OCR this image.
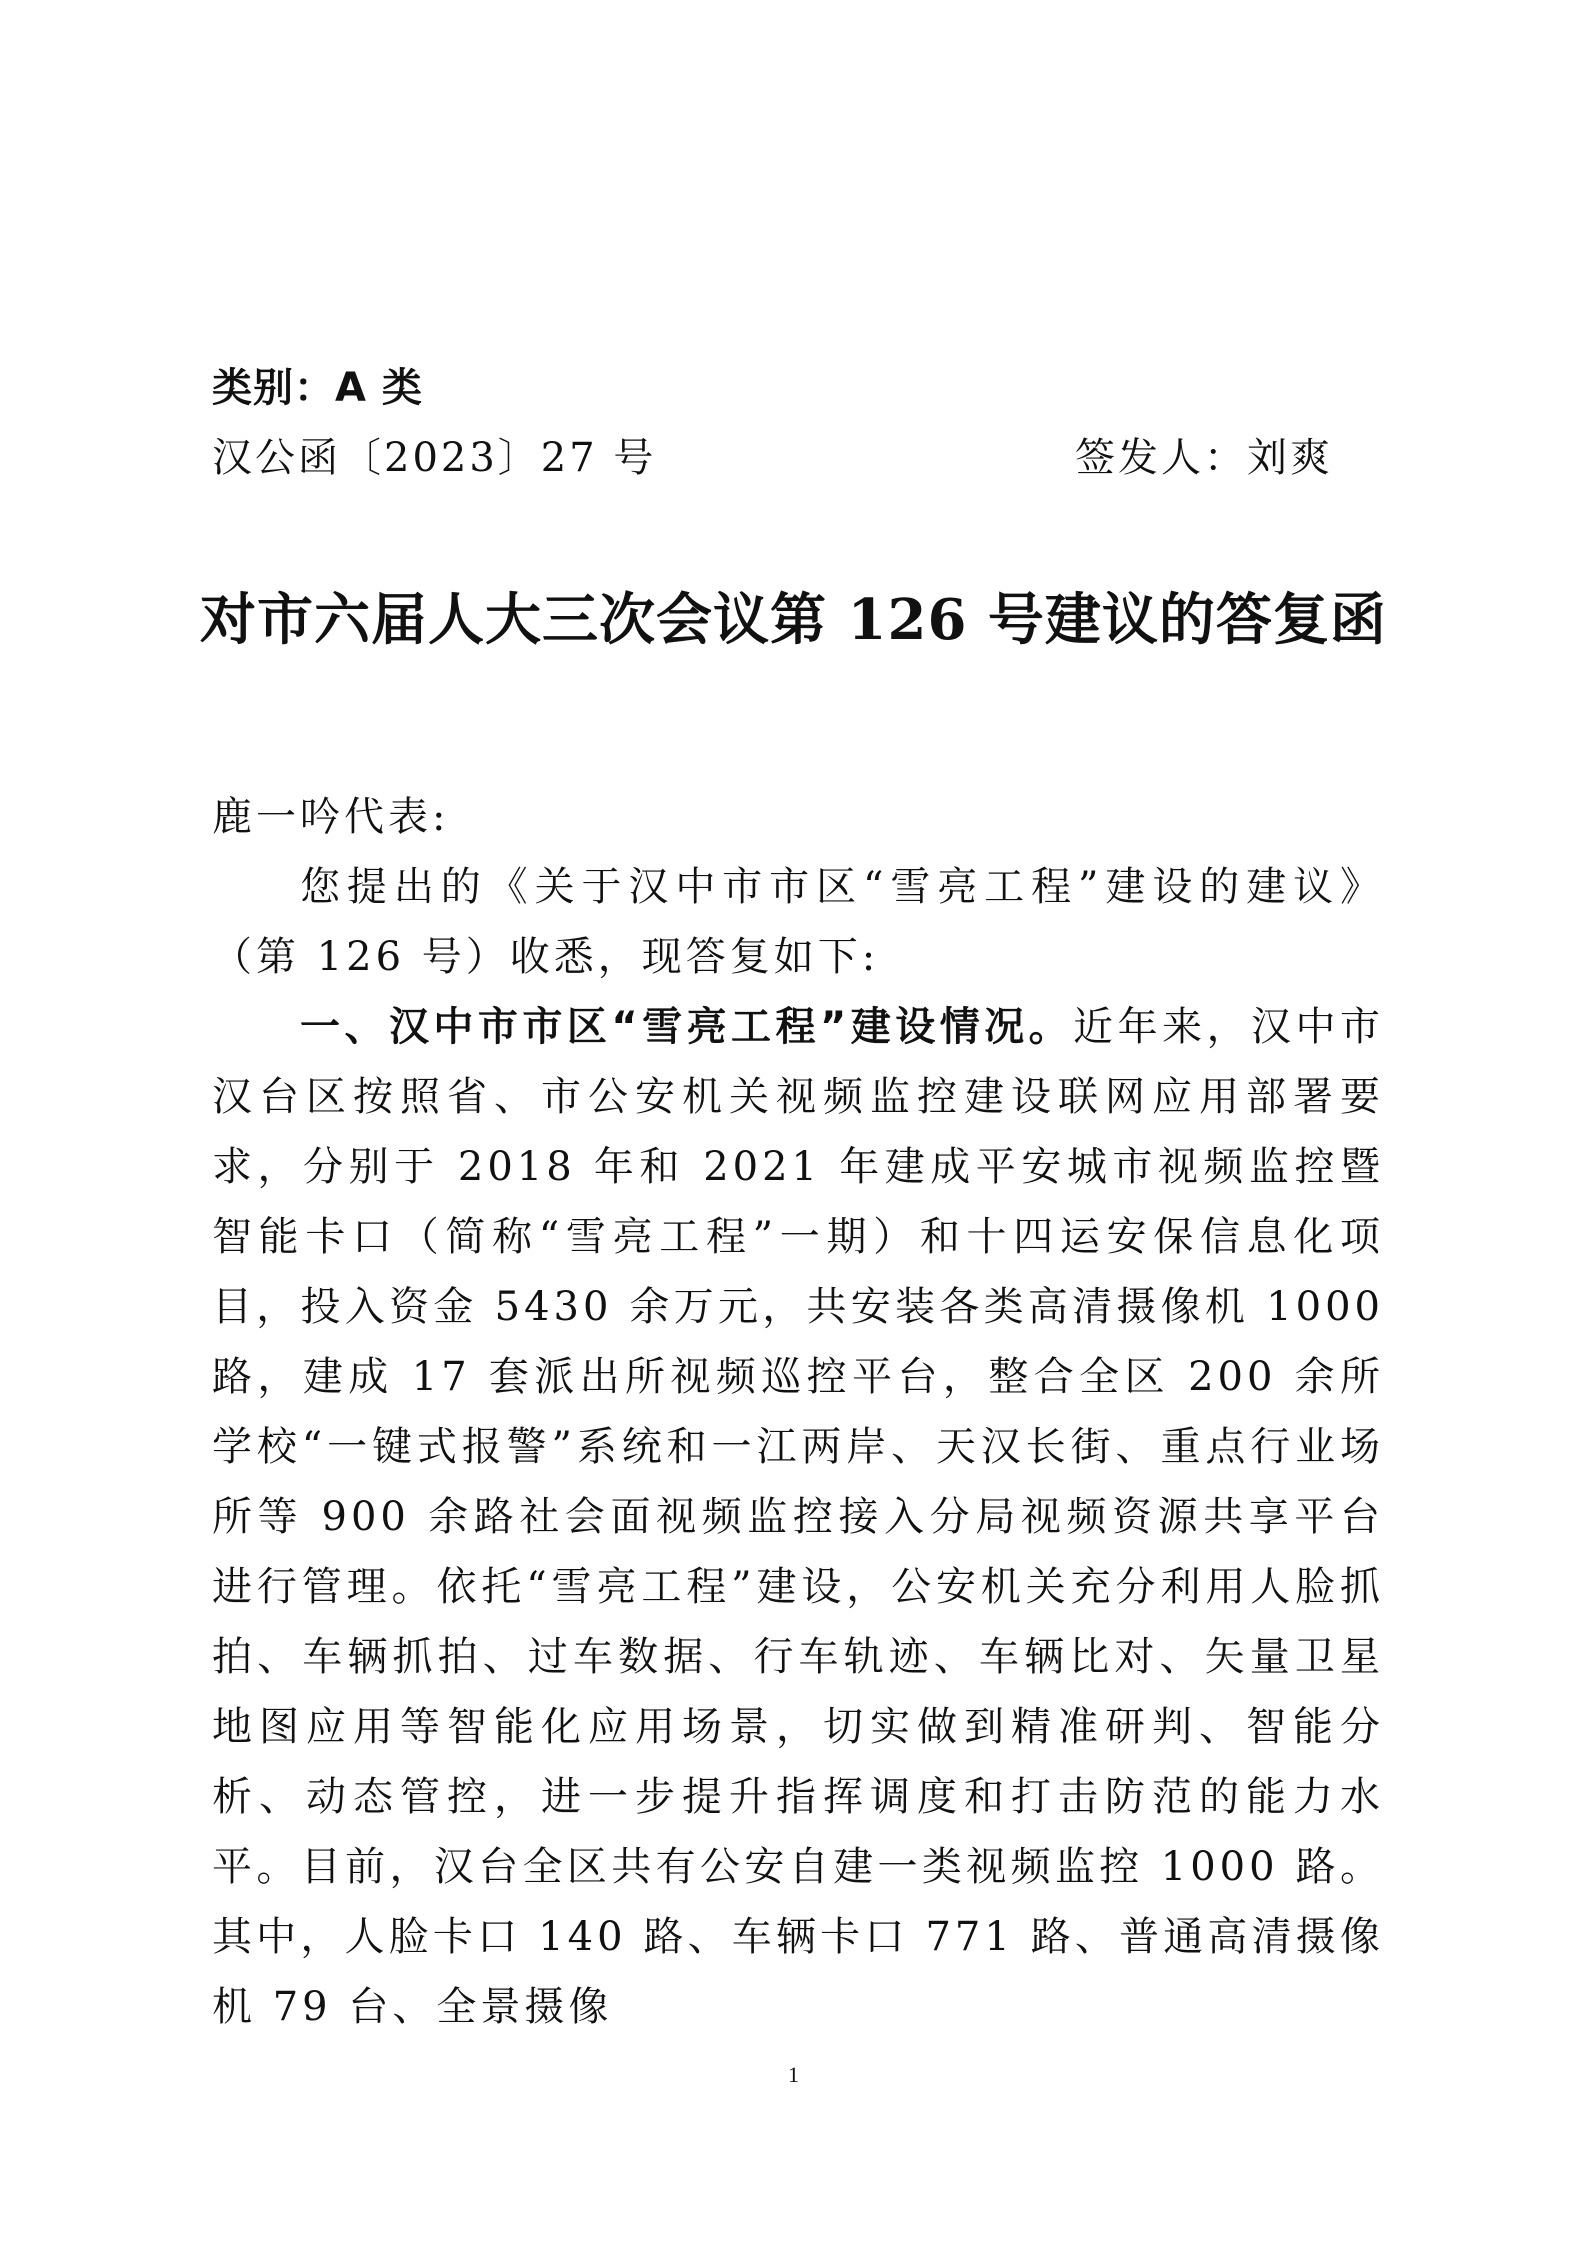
类别：A 类
汉公函〔2023〕27 号	签发人：刘爽
对市六届人大三次会议第 126 号建议的答复函
鹿一吟代表:

您提出的《关于汉中市市区“雪亮工程”建设的建议》（第 126 号）收悉，现答复如下:

一、汉中市市区“雪亮工程”建设情况。近年来，汉中市汉台区按照省、市公安机关视频监控建设联网应用部署要求，分别于 2018 年和 2021 年建成平安城市视频监控暨智能卡口（简称“雪亮工程”一期）和十四运安保信息化项目，投入资金 5430 余万元，共安装各类高清摄像机 1000 路，建成 17 套派出所视频巡控平台，整合全区 200 余所学校“一键式报警”系统和一江两岸、天汉长街、重点行业场所等 900 余路社会面视频监控接入分局视频资源共享平台进行管理。依托“雪亮工程”建设，公安机关充分利用人脸抓拍、车辆抓拍、过车数据、行车轨迹、车辆比对、矢量卫星地图应用等智能化应用场景，切实做到精准研判、智能分析、动态管控，进一步提升指挥调度和打击防范的能力水平。目前，汉台全区共有公安自建一类视频监控 1000 路。其中，人脸卡口 140 路、车辆卡口 771 路、普通高清摄像机 79 台、全景摄像

1
